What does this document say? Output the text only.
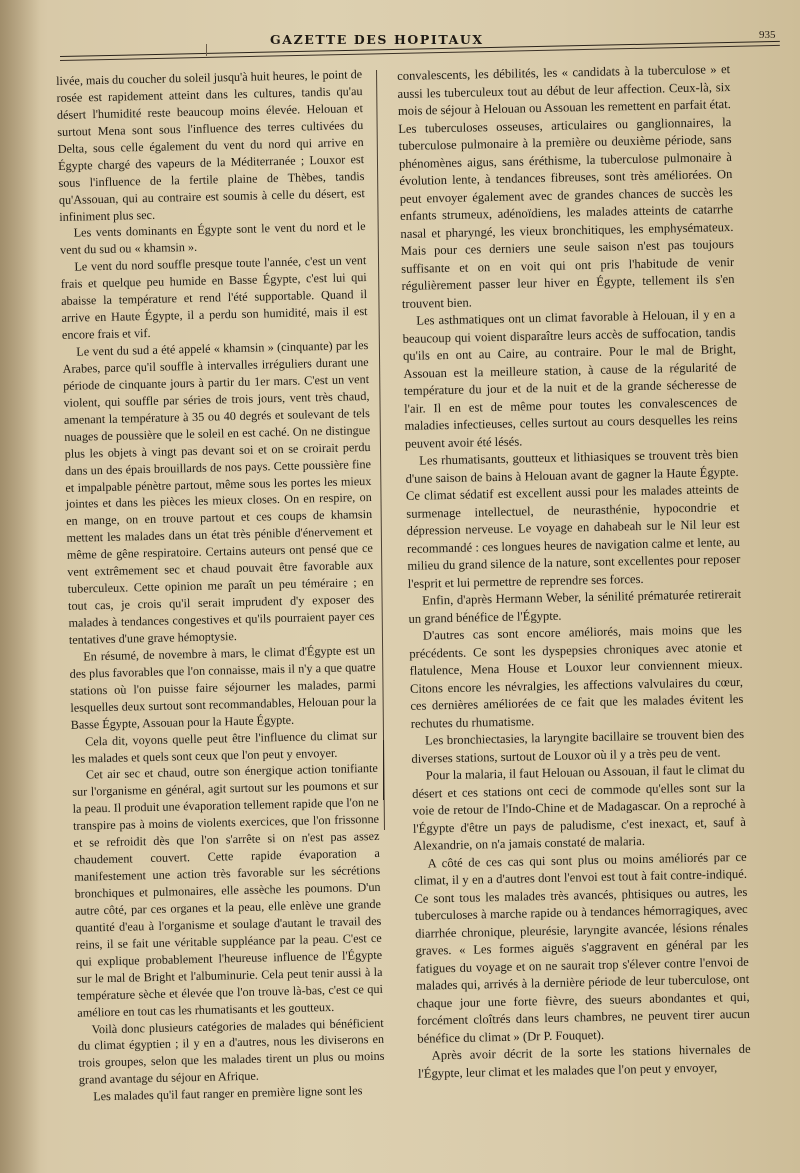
GAZETTE DES HOPITAUX	935

livée, mais du coucher du soleil jusqu'à huit heures, le point de rosée est rapidement atteint dans les cultures, tandis qu'au désert l'humidité reste beaucoup moins élevée. Helouan et surtout Mena sont sous l'influence des terres cultivées du Delta, sous celle également du vent du nord qui arrive en Égypte chargé des vapeurs de la Méditerranée ; Louxor est sous l'influence de la fertile plaine de Thèbes, tandis qu'Assouan, qui au contraire est soumis à celle du désert, est infiniment plus sec.

Les vents dominants en Égypte sont le vent du nord et le vent du sud ou « khamsin ».

Le vent du nord souffle presque toute l'année, c'est un vent frais et quelque peu humide en Basse Égypte, c'est lui qui abaisse la température et rend l'été supportable. Quand il arrive en Haute Égypte, il a perdu son humidité, mais il est encore frais et vif.

Le vent du sud a été appelé « khamsin » (cinquante) par les Arabes, parce qu'il souffle à intervalles irréguliers durant une période de cinquante jours à partir du 1er mars. C'est un vent violent, qui souffle par séries de trois jours, vent très chaud, amenant la température à 35 ou 40 degrés et soulevant de tels nuages de poussière que le soleil en est caché. On ne distingue plus les objets à vingt pas devant soi et on se croirait perdu dans un des épais brouillards de nos pays. Cette poussière fine et impalpable pénètre partout, même sous les portes les mieux jointes et dans les pièces les mieux closes. On en respire, on en mange, on en trouve partout et ces coups de khamsin mettent les malades dans un état très pénible d'énervement et même de gêne respiratoire. Certains auteurs ont pensé que ce vent extrêmement sec et chaud pouvait être favorable aux tuberculeux. Cette opinion me paraît un peu téméraire ; en tout cas, je crois qu'il serait imprudent d'y exposer des malades à tendances congestives et qu'ils pourraient payer ces tentatives d'une grave hémoptysie.

En résumé, de novembre à mars, le climat d'Égypte est un des plus favorables que l'on connaisse, mais il n'y a que quatre stations où l'on puisse faire séjourner les malades, parmi lesquelles deux surtout sont recommandables, Helouan pour la Basse Égypte, Assouan pour la Haute Égypte.

Cela dit, voyons quelle peut être l'influence du climat sur les malades et quels sont ceux que l'on peut y envoyer.

Cet air sec et chaud, outre son énergique action tonifiante sur l'organisme en général, agit surtout sur les poumons et sur la peau. Il produit une évaporation tellement rapide que l'on ne transpire pas à moins de violents exercices, que l'on frissonne et se refroidit dès que l'on s'arrête si on n'est pas assez chaudement couvert. Cette rapide évaporation a manifestement une action très favorable sur les sécrétions bronchiques et pulmonaires, elle assèche les poumons. D'un autre côté, par ces organes et la peau, elle enlève une grande quantité d'eau à l'organisme et soulage d'autant le travail des reins, il se fait une véritable suppléance par la peau. C'est ce qui explique probablement l'heureuse influence de l'Égypte sur le mal de Bright et l'albuminurie. Cela peut tenir aussi à la température sèche et élevée que l'on trouve là-bas, c'est ce qui améliore en tout cas les rhumatisants et les goutteux.

Voilà donc plusieurs catégories de malades qui bénéficient du climat égyptien ; il y en a d'autres, nous les diviserons en trois groupes, selon que les malades tirent un plus ou moins grand avantage du séjour en Afrique.

Les malades qu'il faut ranger en première ligne sont les

convalescents, les débilités, les « candidats à la tuberculose » et aussi les tuberculeux tout au début de leur affection. Ceux-là, six mois de séjour à Helouan ou Assouan les remettent en parfait état. Les tuberculoses osseuses, articulaires ou ganglionnaires, la tuberculose pulmonaire à la première ou deuxième période, sans phénomènes aigus, sans éréthisme, la tuberculose pulmonaire à évolution lente, à tendances fibreuses, sont très améliorées. On peut envoyer également avec de grandes chances de succès les enfants strumeux, adénoïdiens, les malades atteints de catarrhe nasal et pharyngé, les vieux bronchitiques, les emphysémateux. Mais pour ces derniers une seule saison n'est pas toujours suffisante et on en voit qui ont pris l'habitude de venir régulièrement passer leur hiver en Égypte, tellement ils s'en trouvent bien.

Les asthmatiques ont un climat favorable à Helouan, il y en a beaucoup qui voient disparaître leurs accès de suffocation, tandis qu'ils en ont au Caire, au contraire. Pour le mal de Bright, Assouan est la meilleure station, à cause de la régularité de température du jour et de la nuit et de la grande sécheresse de l'air. Il en est de même pour toutes les convalescences de maladies infectieuses, celles surtout au cours desquelles les reins peuvent avoir été lésés.

Les rhumatisants, goutteux et lithiasiques se trouvent très bien d'une saison de bains à Helouan avant de gagner la Haute Égypte. Ce climat sédatif est excellent aussi pour les malades atteints de surmenage intellectuel, de neurasthénie, hypocondrie et dépression nerveuse. Le voyage en dahabeah sur le Nil leur est recommandé : ces longues heures de navigation calme et lente, au milieu du grand silence de la nature, sont excellentes pour reposer l'esprit et lui permettre de reprendre ses forces.

Enfin, d'après Hermann Weber, la sénilité prématurée retirerait un grand bénéfice de l'Égypte.

D'autres cas sont encore améliorés, mais moins que les précédents. Ce sont les dyspepsies chroniques avec atonie et flatulence, Mena House et Louxor leur conviennent mieux. Citons encore les névralgies, les affections valvulaires du cœur, ces dernières améliorées de ce fait que les malades évitent les rechutes du rhumatisme.

Les bronchiectasies, la laryngite bacillaire se trouvent bien des diverses stations, surtout de Louxor où il y a très peu de vent.

Pour la malaria, il faut Helouan ou Assouan, il faut le climat du désert et ces stations ont ceci de commode qu'elles sont sur la voie de retour de l'Indo-Chine et de Madagascar. On a reproché à l'Égypte d'être un pays de paludisme, c'est inexact, et, sauf à Alexandrie, on n'a jamais constaté de malaria.

A côté de ces cas qui sont plus ou moins améliorés par ce climat, il y en a d'autres dont l'envoi est tout à fait contre-indiqué. Ce sont tous les malades très avancés, phtisiques ou autres, les tuberculoses à marche rapide ou à tendances hémorragiques, avec diarrhée chronique, pleurésie, laryngite avancée, lésions rénales graves. « Les formes aiguës s'aggravent en général par les fatigues du voyage et on ne saurait trop s'élever contre l'envoi de malades qui, arrivés à la dernière période de leur tuberculose, ont chaque jour une forte fièvre, des sueurs abondantes et qui, forcément cloîtrés dans leurs chambres, ne peuvent tirer aucun bénéfice du climat » (Dr P. Fouquet).

Après avoir décrit de la sorte les stations hivernales de l'Égypte, leur climat et les malades que l'on peut y envoyer,
